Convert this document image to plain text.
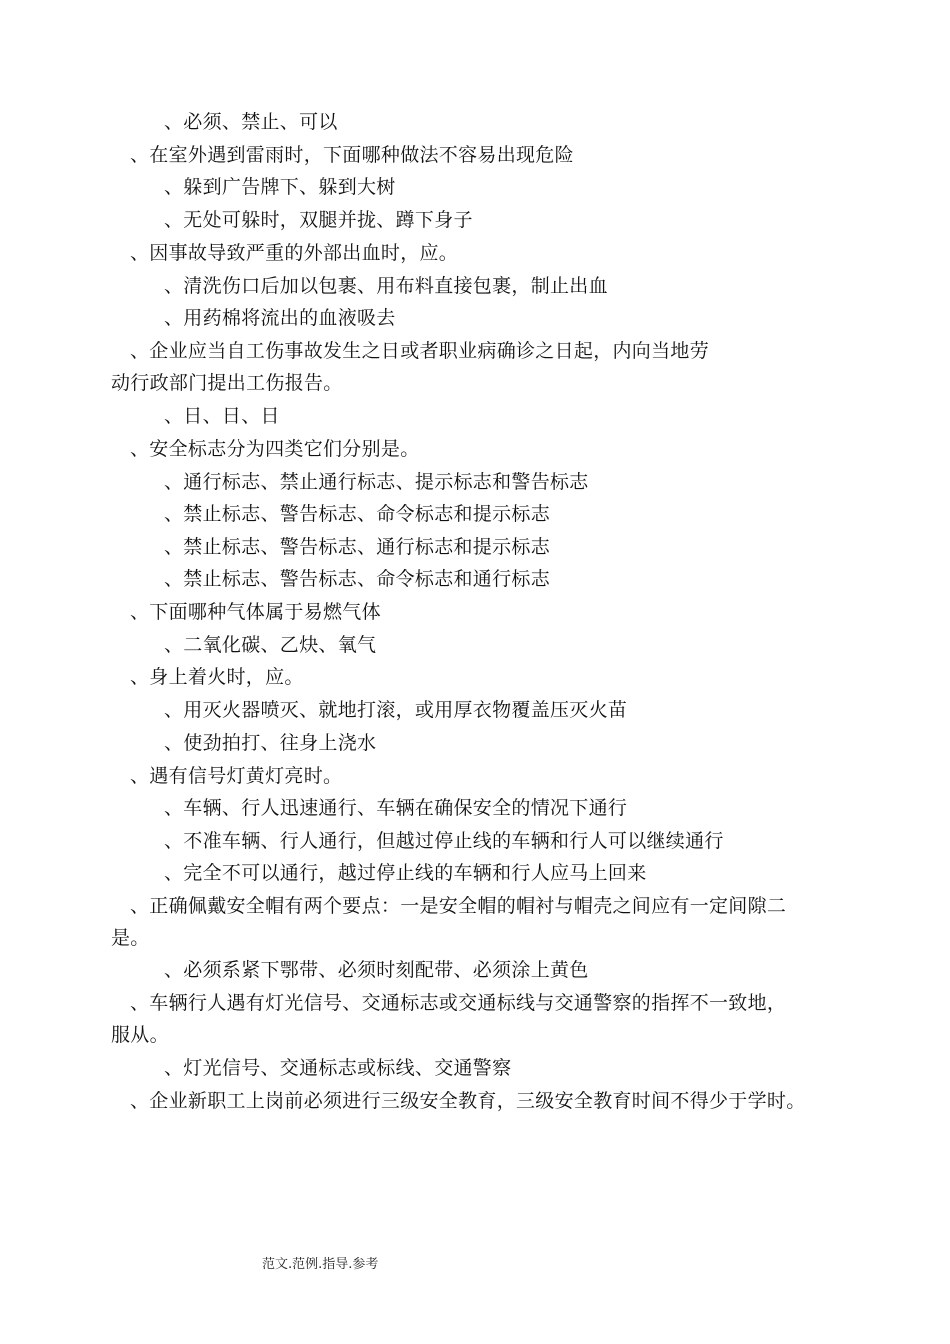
、必须、禁止、可以
、在室外遇到雷雨时，下面哪种做法不容易出现危险
、躲到广告牌下、躲到大树
、无处可躲时，双腿并拢、蹲下身子
、因事故导致严重的外部出血时，应。
、清洗伤口后加以包裹、用布料直接包裹，制止出血
、用药棉将流出的血液吸去
、企业应当自工伤事故发生之日或者职业病确诊之日起，内向当地劳
动行政部门提出工伤报告。
、日、日、日
、安全标志分为四类它们分别是。
、通行标志、禁止通行标志、提示标志和警告标志
、禁止标志、警告标志、命令标志和提示标志
、禁止标志、警告标志、通行标志和提示标志
、禁止标志、警告标志、命令标志和通行标志
、下面哪种气体属于易燃气体
、二氧化碳、乙炔、氧气
、身上着火时，应。
、用灭火器喷灭、就地打滚，或用厚衣物覆盖压灭火苗
、使劲拍打、往身上浇水
、遇有信号灯黄灯亮时。
、车辆、行人迅速通行、车辆在确保安全的情况下通行
、不准车辆、行人通行，但越过停止线的车辆和行人可以继续通行
、完全不可以通行，越过停止线的车辆和行人应马上回来
、正确佩戴安全帽有两个要点：一是安全帽的帽衬与帽壳之间应有一定间隙二
是。
、必须系紧下鄂带、必须时刻配带、必须涂上黄色
、车辆行人遇有灯光信号、交通标志或交通标线与交通警察的指挥不一致地，
服从。
、灯光信号、交通标志或标线、交通警察
、企业新职工上岗前必须进行三级安全教育，三级安全教育时间不得少于学时。
范文.范例.指导.参考
